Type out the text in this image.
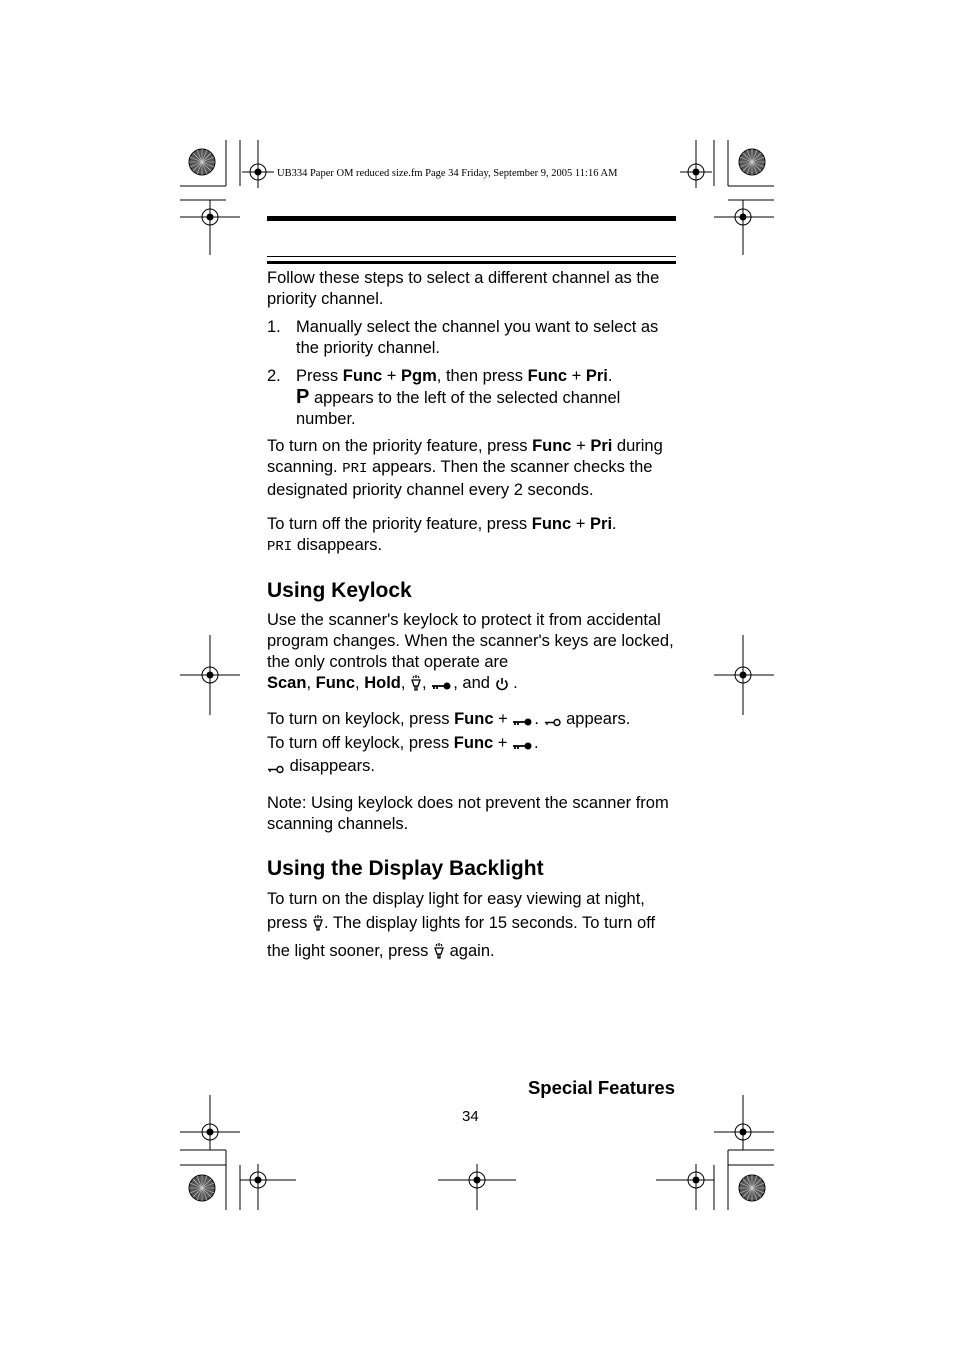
UB334 Paper OM reduced size.fm Page 34 Friday, September 9, 2005 11:16 AM

Follow these steps to select a different channel as the priority channel.

1. Manually select the channel you want to select as the priority channel.
2. Press Func + Pgm, then press Func + Pri.
P appears to the left of the selected channel number.

To turn on the priority feature, press Func + Pri during scanning. PRI appears. Then the scanner checks the designated priority channel every 2 seconds.

To turn off the priority feature, press Func + Pri.
PRI disappears.

Using Keylock

Use the scanner's keylock to protect it from accidental program changes. When the scanner's keys are locked, the only controls that operate are
Scan, Func, Hold, , , and  .

To turn on keylock, press Func + .  appears.
To turn off keylock, press Func + .
disappears.

Note: Using keylock does not prevent the scanner from scanning channels.

Using the Display Backlight

To turn on the display light for easy viewing at night, press . The display lights for 15 seconds. To turn off the light sooner, press again.

Special Features
34
